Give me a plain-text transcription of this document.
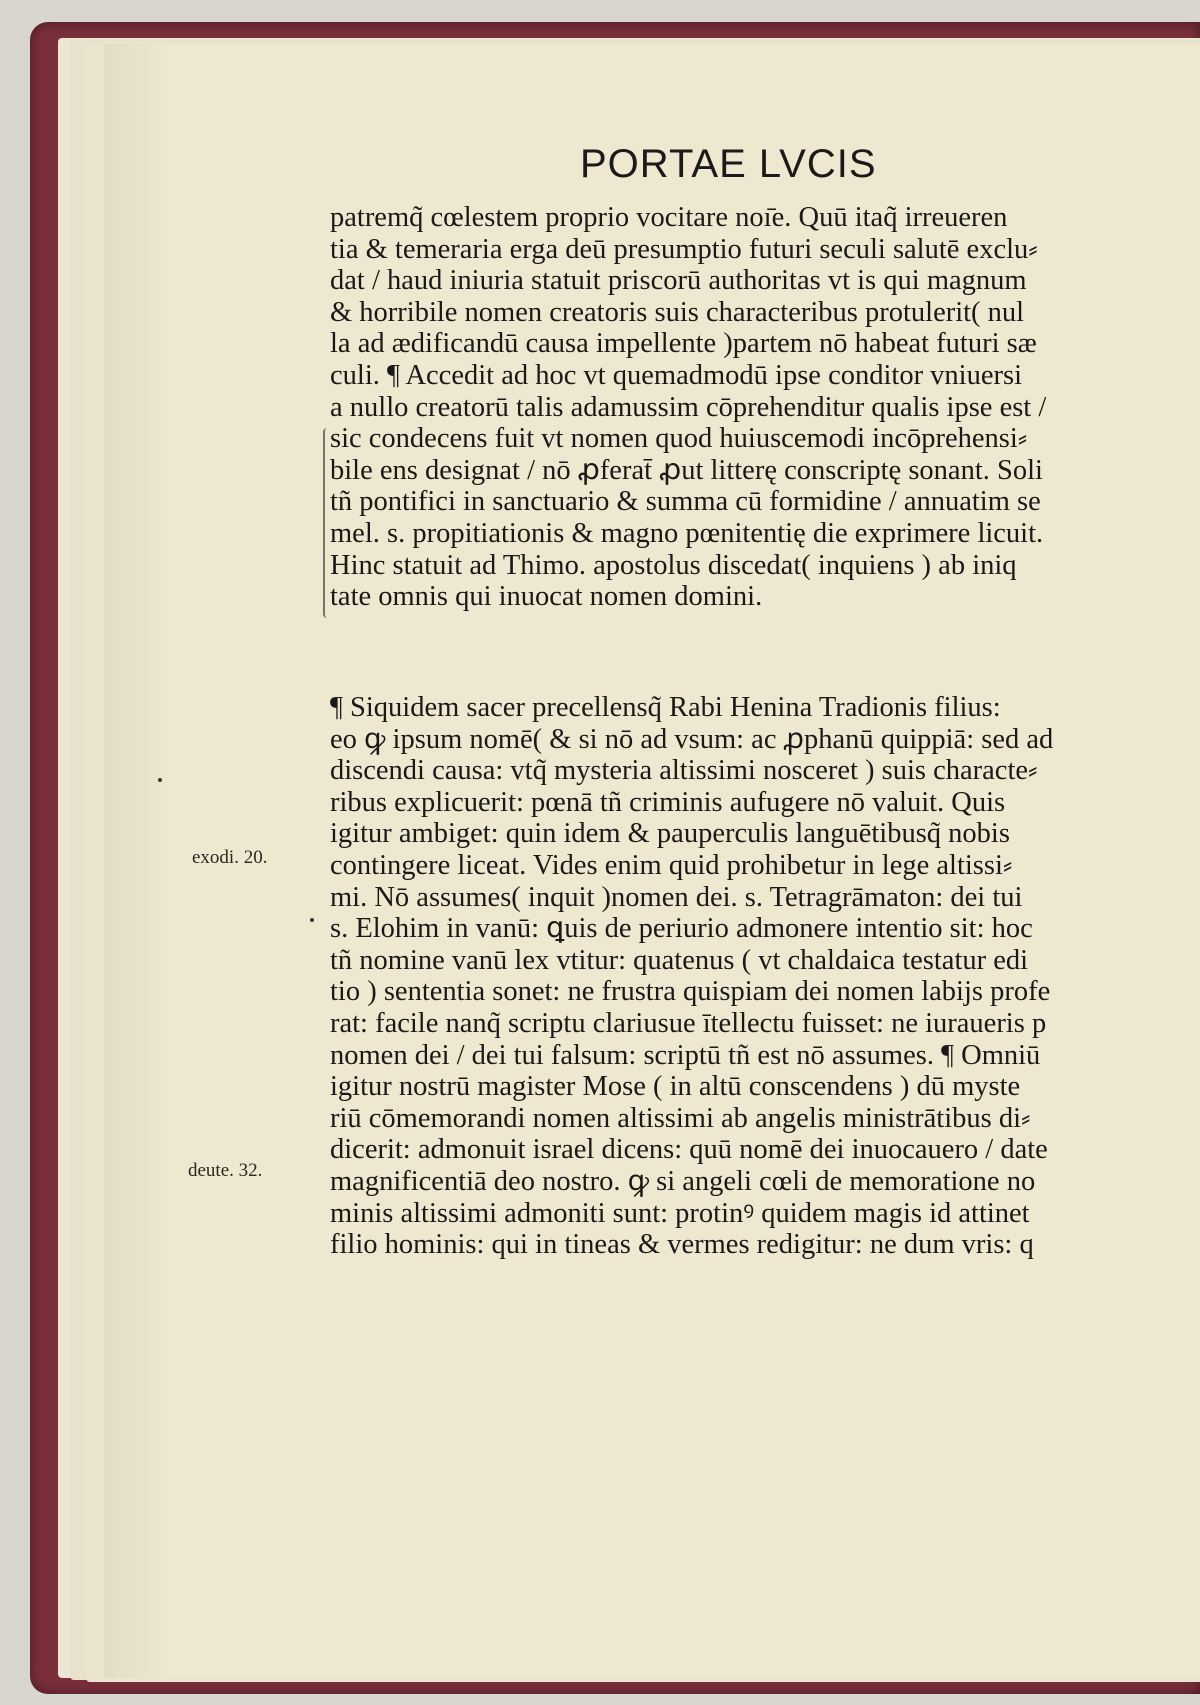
PORTAE LVCIS
patremq̃ cœlestem proprio vocitare noı̄e. Quū itaq̃ irreueren
tia & temeraria erga deū presumptio futuri seculi salutē exclu⸗
dat / haud iniuria statuit priscorū authoritas vt is qui magnum
& horribile nomen creatoris suis characteribus protulerit( nul
la ad ædificandū causa impellente )partem nō habeat futuri sæ
culi. ¶ Accedit ad hoc vt quemadmodū ipse conditor vniuersi
a nullo creatorū talis adamussim cōprehenditur qualis ipse est /
sic condecens fuit vt nomen quod huiuscemodi incōprehensi⸗
bile ens designat / nō ꝓferat̄ ꝓut litterę conscriptę sonant. Soli
tñ pontifici in sanctuario & summa cū formidine / annuatim se
mel. s. propitiationis & magno pœnitentię die exprimere licuit.
Hinc statuit ad Thimo. apostolus discedat( inquiens ) ab iniq
tate omnis qui inuocat nomen domini.
¶ Siquidem sacer precellensq̃ Rabi Henina Tradionis filius:
eo ꝙ ipsum nomē( & si nō ad vsum: ac ꝓphanū quippiā: sed ad
discendi causa: vtq̃ mysteria altissimi nosceret ) suis characte⸗
ribus explicuerit: pœnā tñ criminis aufugere nō valuit. Quis
igitur ambiget: quin idem & pauperculis languētibusq̃ nobis
contingere liceat. Vides enim quid prohibetur in lege altissi⸗
mi. Nō assumes( inquit )nomen dei. s. Tetragrāmaton: dei tui
s. Elohim in vanū: ꝗuis de periurio admonere intentio sit: hoc
tñ nomine vanū lex vtitur: quatenus ( vt chaldaica testatur edi
tio ) sententia sonet: ne frustra quispiam dei nomen labijs profe
rat: facile nanq̃ scriptu clariusue ītellectu fuisset: ne iuraueris p
nomen dei / dei tui falsum: scriptū tñ est nō assumes. ¶ Omniū
igitur nostrū magister Mose ( in altū conscendens ) dū myste
riū cōmemorandi nomen altissimi ab angelis ministrātibus di⸗
dicerit: admonuit israel dicens: quū nomē dei inuocauero / date
magnificentiā deo nostro. ꝙ si angeli cœli de memoratione no
minis altissimi admoniti sunt: protinꝰ quidem magis id attinet
filio hominis: qui in tineas & vermes redigitur: ne dum vris: q
exodi. 20.
deute. 32.
